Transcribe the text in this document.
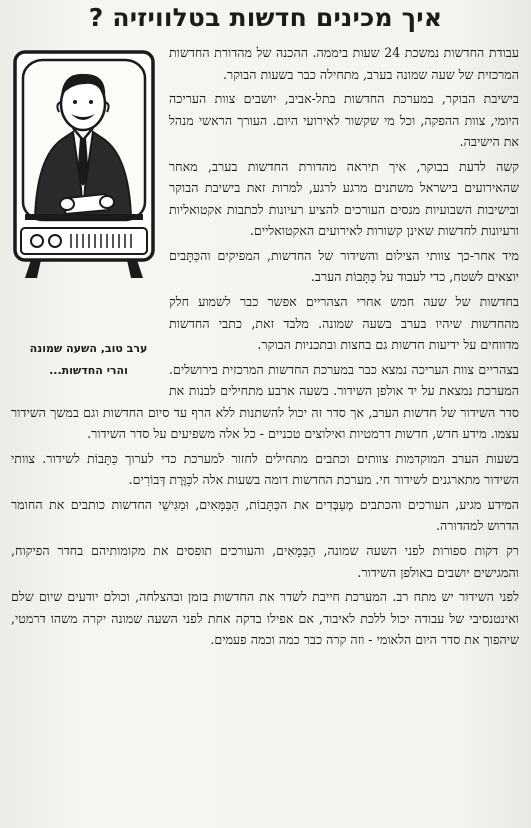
איך מכינים חדשות בטלוויזיה ?
ערב טוב, השעה שמונה
והרי החדשות...

עבודת החדשות נמשכת 24 שעות ביממה. ההכנה של מהדורת החדשות המרכזית של שעה שמונה בערב, מתחילה כבר בשעות הבוקר.

בישיבת הבוקר, במערכת החדשות בתל-אביב, יושבים צוות העריכה היומי, צוות ההפקה, וכל מי שקשור לאירועי היום. העורך הראשי מנהל את הישיבה.

קשה לדעת בבוקר, איך תיראה מהדורת החדשות בערב, מאחר שהאירועים בישראל משתנים מרגע לרגע, למרות זאת בישיבת הבוקר ובישיבות השבועיות מנסים העורכים להציע רעיונות לכתבות אקטואליות ורעיונות לחדשות שאינן קשורות לאירועים האקטואליים.

מיד אחר-כך צוותי הצילום והשידור של החדשות, המפיקים והכַּתָּבים יוצאים לשטח, כדי לעבוד על כַּתָּבוֹת הערב.

בחדשות של שעה חמש אחרי הצהריים אפשר כבר לשמוע חלק מהחדשות שיהיו בערב בשעה שמונה. מלבד זאת, כתבי החדשות מדווחים על ידיעות חדשות גם בחצות ובתכניות הבוקר.

בצהריים צוות העריכה נמצא כבר במערכת החדשות המרכזית בירושלים. המערכת נמצאת על יד אולפן השידור. בשעה ארבע מתחילים לבנות את סדר השידור של חדשות הערב, אך סדר זה יכול להשתנות ללא הרף עד סיום החדשות וגם במשך השידור עצמו. מידע חדש, חדשות דרמטיות ואילוצים טכניים - כל אלה משפיעים על סדר השידור.

בשעות הערב המוקדמות צוותים וכתבים מתחילים לחזור למערכת כדי לערוך כַּתָּבוֹת לשידור. צוותי השידור מתארגנים לשידור חי. מערכת החדשות דומה בשעות אלה לכַּוֶּרֶת דְּבוֹרִים.

המידע מגיע, העורכים והכתבים מְעַבְּדִים את הכַּתָּבוֹת, הַבַּמָּאִים, וּמַגִּישֵׁי החדשות כותבים את החומר הדרוש למהדורה.

רק דקות ספורות לפני השעה שמונה, הַבַּמָּאִים, והעורכים תופסים את מקומותיהם בחדר הפיקוח, והמגישים יושבים באולפן השידור.

לפני השידור יש מתח רב. המערכת חייבת לשדר את החדשות בזמן ובהצלחה, וכולם יודעים שיום שלם ואינטנסיבי של עבודה יכול ללכת לאיבוד, אם אפילו בדקה אחת לפני השעה שמונה יקרה משהו דרמטי, שיהפוך את סדר היום הלאומי - וזה קרה כבר כמה וכמה פעמים.
